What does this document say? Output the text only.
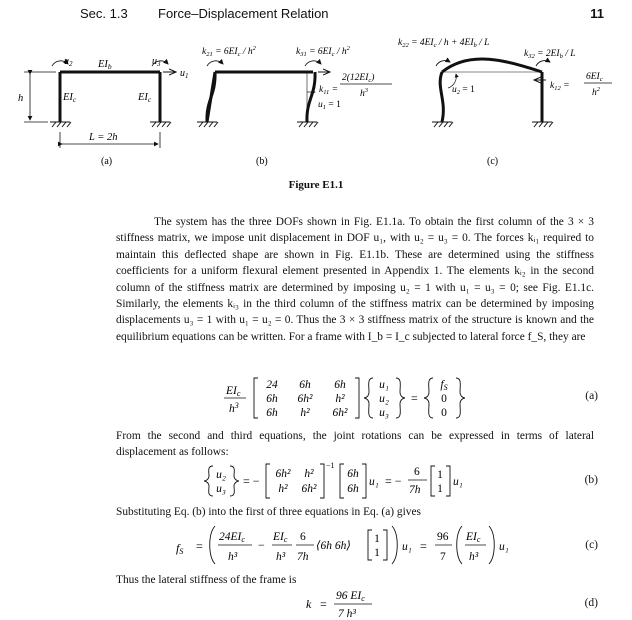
Sec. 1.3 Force–Displacement Relation	11
$u_2$	$u_3$
$u_1$
EIb
EIc	EIc
h
L = 2h
(a)
$k_{21} = 6EI_c / h^2$	$k_{31} = 6EI_c / h^2$
$k_{11}$ =
$2(12EI_c)$
$h^3$
$u_1 = 1$
(b)
$k_{22} = 4EI_c / h + 4EI_b / L$
$k_{32} = 2EI_b / L$
$u_2 = 1$	$k_{12}$ =
$6EI_c$
$h^2$
(c)
Figure E1.1
The system has the three DOFs shown in Fig. E1.1a. To obtain the first column of the 3 × 3 stiffness matrix, we impose unit displacement in DOF u₁, with u₂ = u₃ = 0. The forces kᵢ₁ required to maintain this deflected shape are shown in Fig. E1.1b. These are determined using the stiffness coefficients for a uniform flexural element presented in Appendix 1. The elements kᵢ₂ in the second column of the stiffness matrix are determined by imposing u₂ = 1 with u₁ = u₃ = 0; see Fig. E1.1c. Similarly, the elements kᵢ₃ in the third column of the stiffness matrix can be determined by imposing displacements u₃ = 1 with u₁ = u₂ = 0. Thus the 3 × 3 stiffness matrix of the structure is known and the equilibrium equations can be written. For a frame with I_b = I_c subjected to lateral force f_S, they are
EIc
$h^3$
24 6h 6h
6h 6h² h²
6h h² 6h²
u₁
u₂
u₃
=
fS
0
0
(a)
From the second and third equations, the joint rotations can be expressed in terms of lateral displacement as follows:
u₂
u₃
= − 6h² h²
h² 6h²
−1
6h
6h
u₁ = −
6
7h
1
1
u₁	(b)
Substituting Eq. (b) into the first of three equations in Eq. (a) gives
fS =
24EIc
h³
−
EIc
h³
6
7h
⟨6h 6h⟩
1
1 u₁ =
96
7
EIc
h³
u₁	(c)
Thus the lateral stiffness of the frame is
k =
96 EIc
7 h³
(d)
